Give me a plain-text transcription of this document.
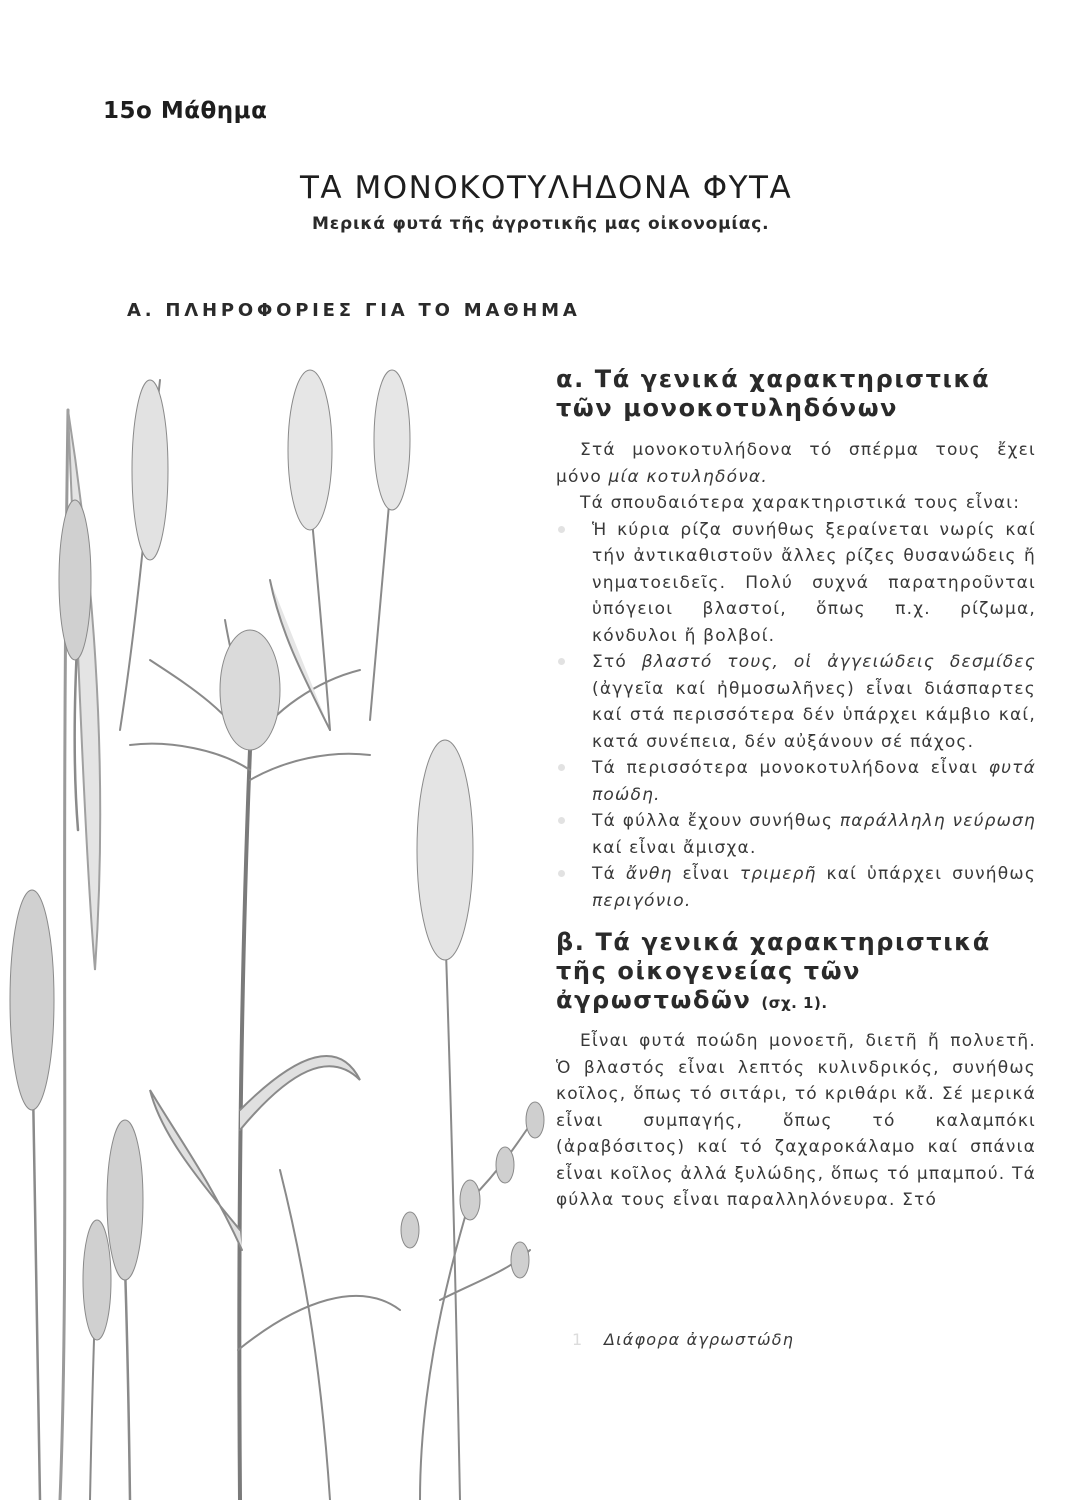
15ο Μάθημα
ΤΑ ΜΟΝΟΚΟΤΥΛΗΔΟΝΑ ΦΥΤΑ
Μερικά φυτά τῆς ἀγροτικῆς μας οἰκονομίας.
Α. ΠΛΗΡΟΦΟΡΙΕΣ ΓΙΑ ΤΟ ΜΑΘΗΜΑ
α. Τά γενικά χαρακτηριστικά τῶν μονοκοτυληδόνων

Στά μονοκοτυλήδονα τό σπέρμα τους ἔχει μόνο μία κοτυληδόνα.

Τά σπουδαιότερα χαρακτηριστικά τους εἶναι:

Ἡ κύρια ρίζα συνήθως ξεραίνεται νωρίς καί τήν ἀντικαθιστοῦν ἄλλες ρίζες θυσανώδεις ἤ νηματοειδεῖς. Πολύ συχνά παρατηροῦνται ὑπόγειοι βλαστοί, ὅπως π.χ. ρίζωμα, κόνδυλοι ἤ βολβοί.

Στό βλαστό τους, οἱ ἀγγειώδεις δεσμίδες (ἀγγεῖα καί ἠθμοσωλῆνες) εἶναι διάσπαρτες καί στά περισσότερα δέν ὑπάρχει κάμβιο καί, κατά συνέπεια, δέν αὐξάνουν σέ πάχος.

Τά περισσότερα μονοκοτυλήδονα εἶναι φυτά ποώδη.

Τά φύλλα ἔχουν συνήθως παράλληλη νεύρωση καί εἶναι ἄμισχα.

Τά ἄνθη εἶναι τριμερῆ καί ὑπάρχει συνήθως περιγόνιο.

β. Τά γενικά χαρακτηριστικά τῆς οἰκογενείας τῶν ἀγρωστωδῶν (σχ. 1).

Εἶναι φυτά ποώδη μονοετῆ, διετῆ ἤ πολυετῆ. Ὁ βλαστός εἶναι λεπτός κυλινδρικός, συνήθως κοῖλος, ὅπως τό σιτάρι, τό κριθάρι κἄ. Σέ μερικά εἶναι συμπαγής, ὅπως τό καλαμπόκι (ἀραβόσιτος) καί τό ζαχαροκάλαμο καί σπάνια εἶναι κοῖλος ἀλλά ξυλώδης, ὅπως τό μπαμπού. Τά φύλλα τους εἶναι παραλληλόνευρα. Στό

1 Διάφορα ἀγρωστώδη
